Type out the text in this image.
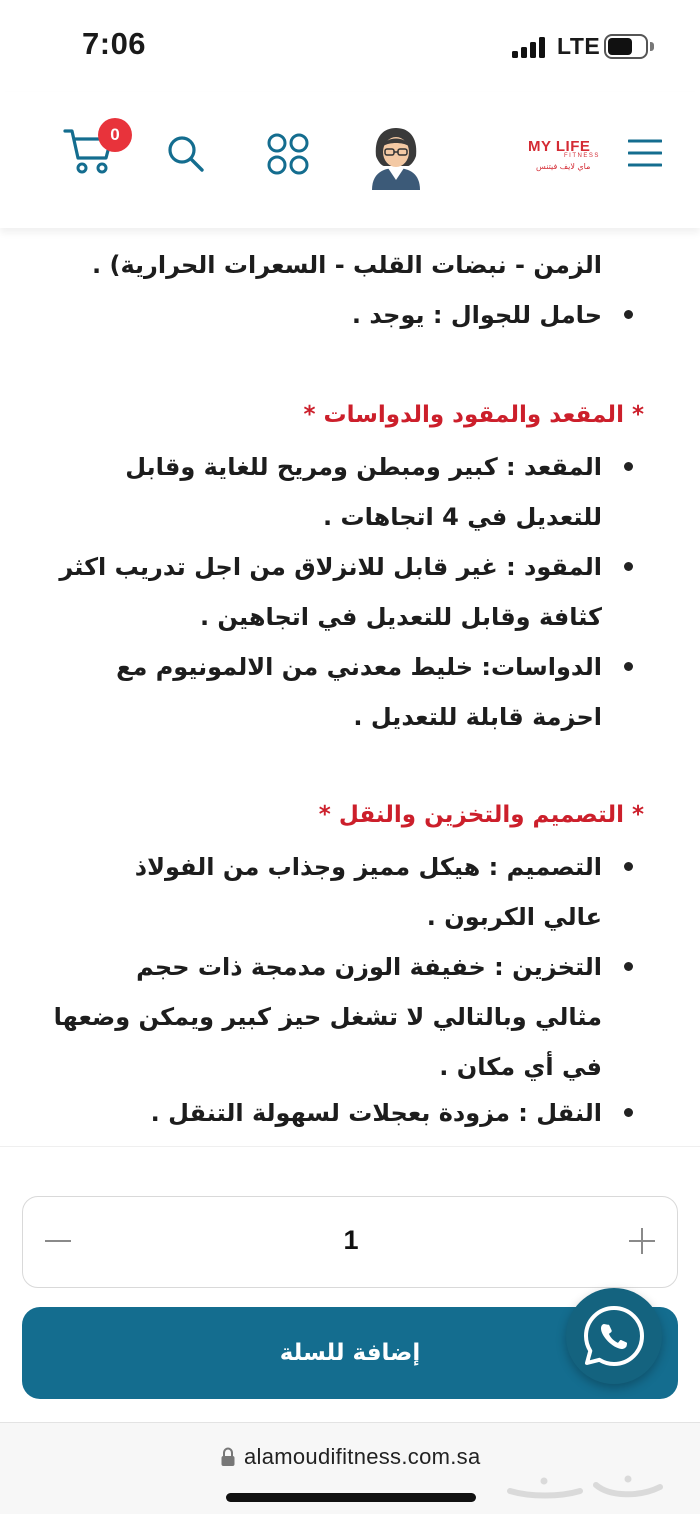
7:06	LTE
MY LIFE
FITNESS
ماي لايف فيتنس
0
الزمن - نبضات القلب - السعرات الحرارية) .
حامل للجوال : يوجد .
* المقعد والمقود والدواسات *
المقعد : كبير ومبطن ومريح للغاية وقابل
للتعديل في 4 اتجاهات .
المقود : غير قابل للانزلاق من اجل تدريب اكثر
كثافة وقابل للتعديل في اتجاهين .
الدواسات: خليط معدني من الالمونيوم مع
احزمة قابلة للتعديل .
* التصميم والتخزين والنقل *
التصميم : هيكل مميز وجذاب من الفولاذ
عالي الكربون .
التخزين : خفيفة الوزن مدمجة ذات حجم
مثالي وبالتالي لا تشغل حيز كبير ويمكن وضعها
في أي مكان .
النقل : مزودة بعجلات لسهولة التنقل .
1
إضافة للسلة
alamoudifitness.com.sa
